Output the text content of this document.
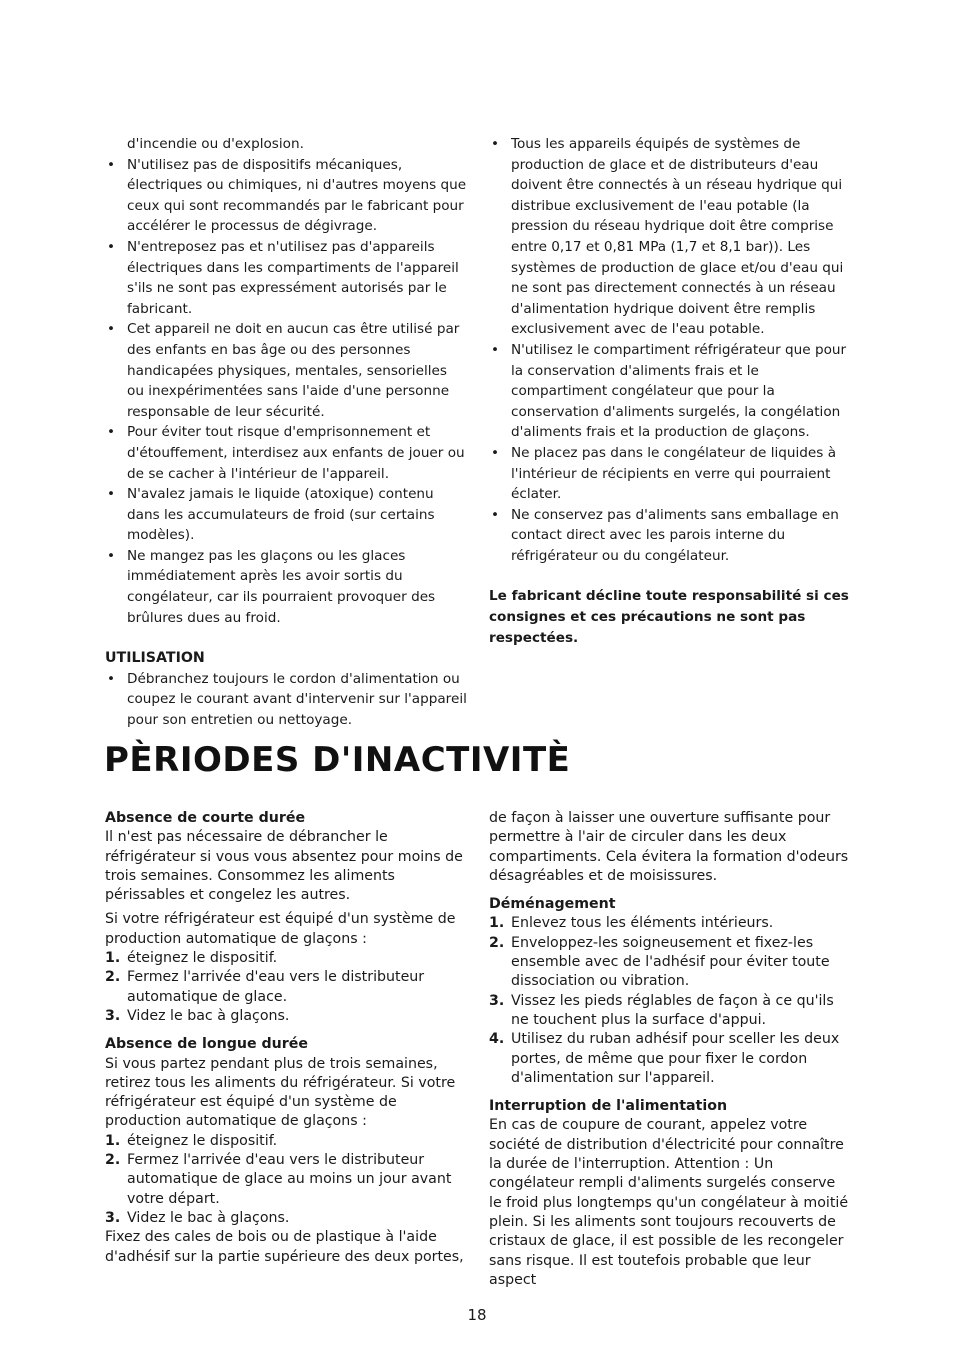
d'incendie ou d'explosion.

• N'utilisez pas de dispositifs mécaniques, électriques ou chimiques, ni d'autres moyens que ceux qui sont recommandés par le fabricant pour accélérer le processus de dégivrage.
• N'entreposez pas et n'utilisez pas d'appareils électriques dans les compartiments de l'appareil s'ils ne sont pas expressément autorisés par le fabricant.
• Cet appareil ne doit en aucun cas être utilisé par des enfants en bas âge ou des personnes handicapées physiques, mentales, sensorielles ou inexpérimentées sans l'aide d'une personne responsable de leur sécurité.
• Pour éviter tout risque d'emprisonnement et d'étouffement, interdisez aux enfants de jouer ou de se cacher à l'intérieur de l'appareil.
• N'avalez jamais le liquide (atoxique) contenu dans les accumulateurs de froid (sur certains modèles).
• Ne mangez pas les glaçons ou les glaces immédiatement après les avoir sortis du congélateur, car ils pourraient provoquer des brûlures dues au froid.

UTILISATION

• Débranchez toujours le cordon d'alimentation ou coupez le courant avant d'intervenir sur l'appareil pour son entretien ou nettoyage.
• Tous les appareils équipés de systèmes de production de glace et de distributeurs d'eau doivent être connectés à un réseau hydrique qui distribue exclusivement de l'eau potable (la pression du réseau hydrique doit être comprise entre 0,17 et 0,81 MPa (1,7 et 8,1 bar)). Les systèmes de production de glace et/ou d'eau qui ne sont pas directement connectés à un réseau d'alimentation hydrique doivent être remplis exclusivement avec de l'eau potable.
• N'utilisez le compartiment réfrigérateur que pour la conservation d'aliments frais et le compartiment congélateur que pour la conservation d'aliments surgelés, la congélation d'aliments frais et la production de glaçons.
• Ne placez pas dans le congélateur de liquides à l'intérieur de récipients en verre qui pourraient éclater.
• Ne conservez pas d'aliments sans emballage en contact direct avec les parois interne du réfrigérateur ou du congélateur.

Le fabricant décline toute responsabilité si ces consignes et ces précautions ne sont pas respectées.

PÈRIODES D'INACTIVITÈ

Absence de courte durée

Il n'est pas nécessaire de débrancher le réfrigérateur si vous vous absentez pour moins de trois semaines. Consommez les aliments périssables et congelez les autres.

Si votre réfrigérateur est équipé d'un système de production automatique de glaçons :

1. éteignez le dispositif.
2. Fermez l'arrivée d'eau vers le distributeur automatique de glace.
3. Videz le bac à glaçons.

Absence de longue durée

Si vous partez pendant plus de trois semaines, retirez tous les aliments du réfrigérateur. Si votre réfrigérateur est équipé d'un système de production automatique de glaçons :

1. éteignez le dispositif.
2. Fermez l'arrivée d'eau vers le distributeur automatique de glace au moins un jour avant votre départ.
3. Videz le bac à glaçons.

Fixez des cales de bois ou de plastique à l'aide d'adhésif sur la partie supérieure des deux portes,

de façon à laisser une ouverture suffisante pour permettre à l'air de circuler dans les deux compartiments. Cela évitera la formation d'odeurs désagréables et de moisissures.

Déménagement

1. Enlevez tous les éléments intérieurs.
2. Enveloppez-les soigneusement et fixez-les ensemble avec de l'adhésif pour éviter toute dissociation ou vibration.
3. Vissez les pieds réglables de façon à ce qu'ils ne touchent plus la surface d'appui.
4. Utilisez du ruban adhésif pour sceller les deux portes, de même que pour fixer le cordon d'alimentation sur l'appareil.

Interruption de l'alimentation

En cas de coupure de courant, appelez votre société de distribution d'électricité pour connaître la durée de l'interruption. Attention : Un congélateur rempli d'aliments surgelés conserve le froid plus longtemps qu'un congélateur à moitié plein. Si les aliments sont toujours recouverts de cristaux de glace, il est possible de les recongeler sans risque. Il est toutefois probable que leur aspect

18
